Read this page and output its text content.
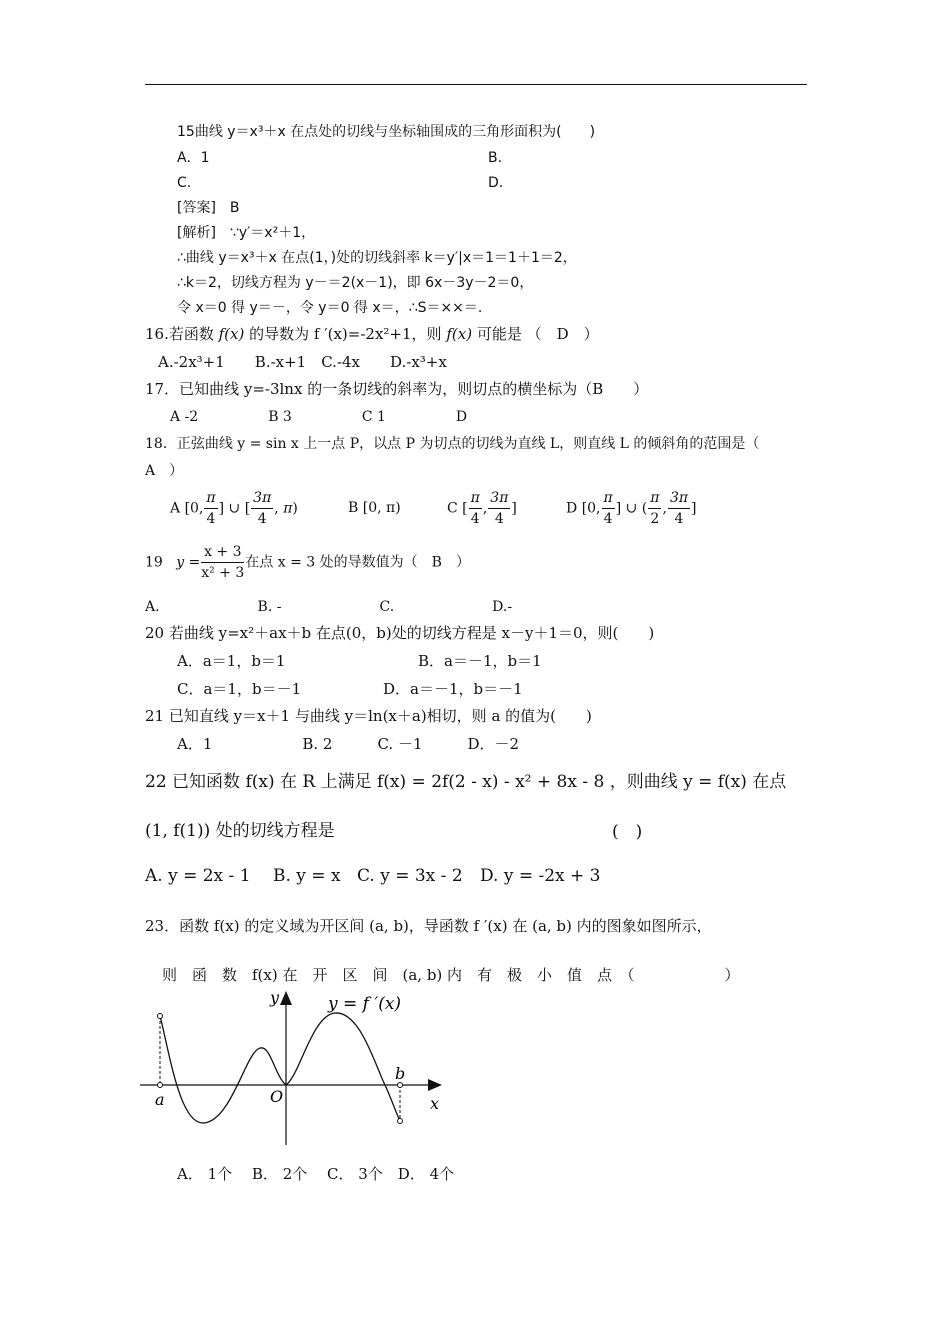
15曲线 y＝x³＋x 在点处的切线与坐标轴围成的三角形面积为(　　)
A．1	B.
C.	D.
[答案]　B
[解析]　∵y′＝x²＋1，
∴曲线 y＝x³＋x 在点(1，)处的切线斜率 k＝y′|x＝1＝1＋1＝2，
∴k＝2，切线方程为 y－＝2(x－1)，即 6x－3y－2＝0，
令 x＝0 得 y＝－，令 y＝0 得 x＝，∴S＝××＝.
16.若函数 f(x) 的导数为 f ′(x)=-2x²+1，则 f(x) 可能是 （　D　）
A.-2x³+1　　B.-x+1　C.-4x　　D.-x³+x
17．已知曲线 y=-3lnx 的一条切线的斜率为，则切点的横坐标为（B　　）
A -2　　　　　B 3　　　　　C 1　　　　　D
18．正弦曲线 y = sin x 上一点 P，以点 P 为切点的切线为直线 L，则直线 L 的倾斜角的范围是（
A　）
A [0, $\frac{\pi}{4}$ ] ∪ [ $\frac{3\pi}{4}$ , π)	B [0, π)	C [ $\frac{\pi}{4}$ , $\frac{3\pi}{4}$ ]	D [0, $\frac{\pi}{4}$ ] ∪ ( $\frac{\pi}{2}$ , $\frac{3\pi}{4}$ ]
19 $y = \frac{x + 3}{\text{x² + 3}}$ 在点 x = 3 处的导数值为（　B　）
A.　　　　　　　B. -　　　　　　　C.　　　　　　　D.-
20 若曲线 y=x²＋ax＋b 在点(0，b)处的切线方程是 x－y＋1＝0，则(　　)
A．a＝1，b＝1	B．a＝－1，b＝1
C．a＝1，b＝－1	D．a＝－1，b＝－1
21 已知直线 y＝x＋1 与曲线 y＝ln(x＋a)相切，则 a 的值为(　　)
A．1　　　　　　B. 2　　　C. －1　　　D．－2
22 已知函数 f(x) 在 R 上满足 f(x) = 2f(2 - x) - x² + 8x - 8 ，则曲线 y = f(x) 在点
(1, f(1)) 处的切线方程是	(　)
A. y = 2x - 1 B. y = x C. y = 3x - 2 D. y = -2x + 3
23．函数 f(x) 的定义域为开区间 (a, b)，导函数 f ′(x) 在 (a, b) 内的图象如图所示，
则　函　数　f(x) 在　开　区　间　(a, b) 内　有　极　小　值　点　（　　　　　　）
y	y = f ′(x)
a	O
b
x
A． 1个　 B． 2个　 C． 3个　D． 4个
